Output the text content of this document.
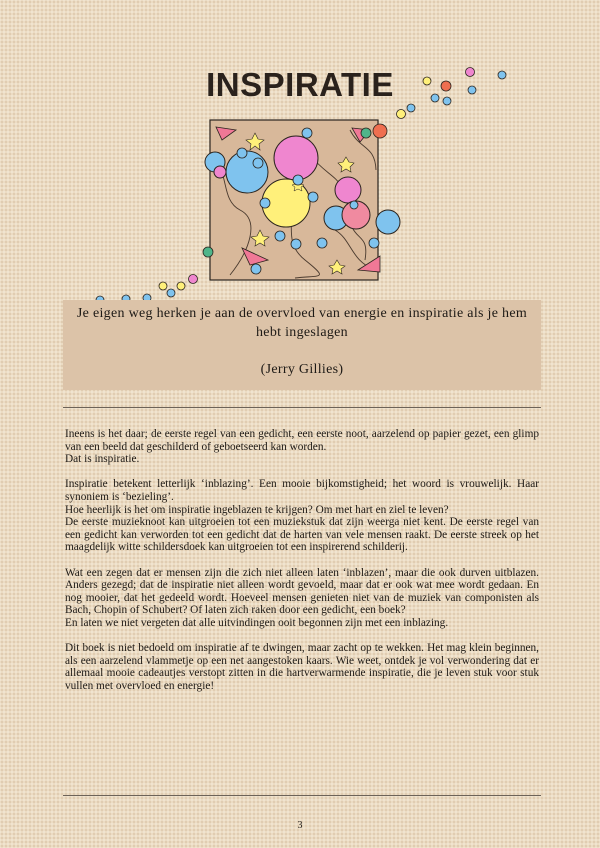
INSPIRATIE
Je eigen weg herken je aan de overvloed van energie en inspiratie als je hem hebt ingeslagen
(Jerry Gillies)

Ineens is het daar; de eerste regel van een gedicht, een eerste noot, aarzelend op papier gezet, een glimp van een beeld dat geschilderd of geboetseerd kan worden.
Dat is inspiratie.

Inspiratie betekent letterlijk ‘inblazing’. Een mooie bijkomstigheid; het woord is vrouwelijk. Haar synoniem is ‘bezieling’.
Hoe heerlijk is het om inspiratie ingeblazen te krijgen? Om met hart en ziel te leven?
De eerste muzieknoot kan uitgroeien tot een muziekstuk dat zijn weerga niet kent. De eerste regel van een gedicht kan verworden tot een gedicht dat de harten van vele mensen raakt. De eerste streek op het maagdelijk witte schildersdoek kan uitgroeien tot een inspirerend schilderij.

Wat een zegen dat er mensen zijn die zich niet alleen laten ‘inblazen’, maar die ook durven uitblazen. Anders gezegd; dat de inspiratie niet alleen wordt gevoeld, maar dat er ook wat mee wordt gedaan. En nog mooier, dat het gedeeld wordt. Hoeveel mensen genieten niet van de muziek van componisten als Bach, Chopin of Schubert? Of laten zich raken door een gedicht, een boek?
En laten we niet vergeten dat alle uitvindingen ooit begonnen zijn met een inblazing.

Dit boek is niet bedoeld om inspiratie af te dwingen, maar zacht op te wekken. Het mag klein beginnen, als een aarzelend vlammetje op een net aangestoken kaars. Wie weet, ontdek je vol verwondering dat er allemaal mooie cadeautjes verstopt zitten in die hartverwarmende inspiratie, die je leven stuk voor stuk vullen met overvloed en energie!

3
